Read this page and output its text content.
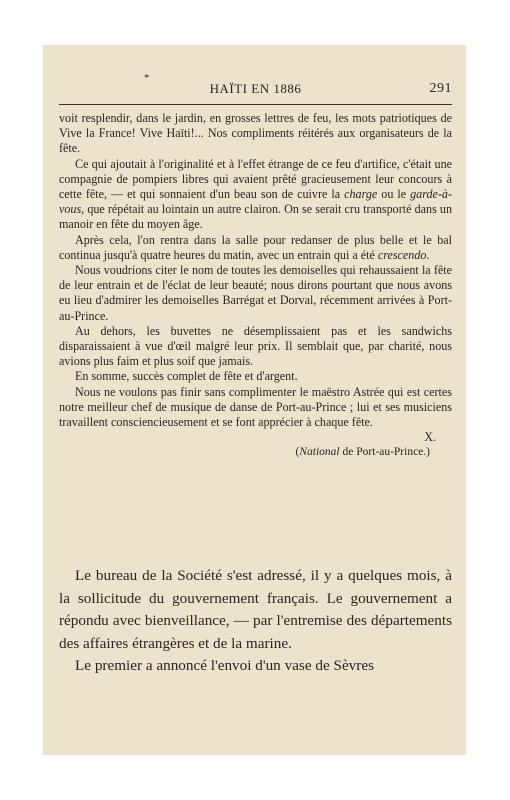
*
HAÏTI EN 1886	291

voit resplendir, dans le jardin, en grosses lettres de feu, les mots patriotiques de Vive la France! Vive Haïti!... Nos compliments réitérés aux organisateurs de la fête.

Ce qui ajoutait à l'originalité et à l'effet étrange de ce feu d'artifice, c'était une compagnie de pompiers libres qui avaient prêté gracieusement leur concours à cette fête, — et qui sonnaient d'un beau son de cuivre la charge ou le garde-à-vous, que répétait au lointain un autre clairon. On se serait cru transporté dans un manoir en fête du moyen âge.

Après cela, l'on rentra dans la salle pour redanser de plus belle et le bal continua jusqu'à quatre heures du matin, avec un entrain qui a été crescendo.

Nous voudrions citer le nom de toutes les demoiselles qui rehaussaient la fête de leur entrain et de l'éclat de leur beauté; nous dirons pourtant que nous avons eu lieu d'admirer les demoiselles Barrégat et Dorval, récemment arrivées à Port-au-Prince.

Au dehors, les buvettes ne désemplissaient pas et les sandwichs disparaissaient à vue d'œil malgré leur prix. Il semblait que, par charité, nous avions plus faim et plus soif que jamais.

En somme, succès complet de fête et d'argent.

Nous ne voulons pas finir sans complimenter le maëstro Astrée qui est certes notre meilleur chef de musique de danse de Port-au-Prince ; lui et ses musiciens travaillent consciencieusement et se font apprécier à chaque fête.

X.

(National de Port-au-Prince.)

Le bureau de la Société s'est adressé, il y a quelques mois, à la sollicitude du gouvernement français. Le gouvernement a répondu avec bienveillance, — par l'entremise des départements des affaires étrangères et de la marine.

Le premier a annoncé l'envoi d'un vase de Sèvres
